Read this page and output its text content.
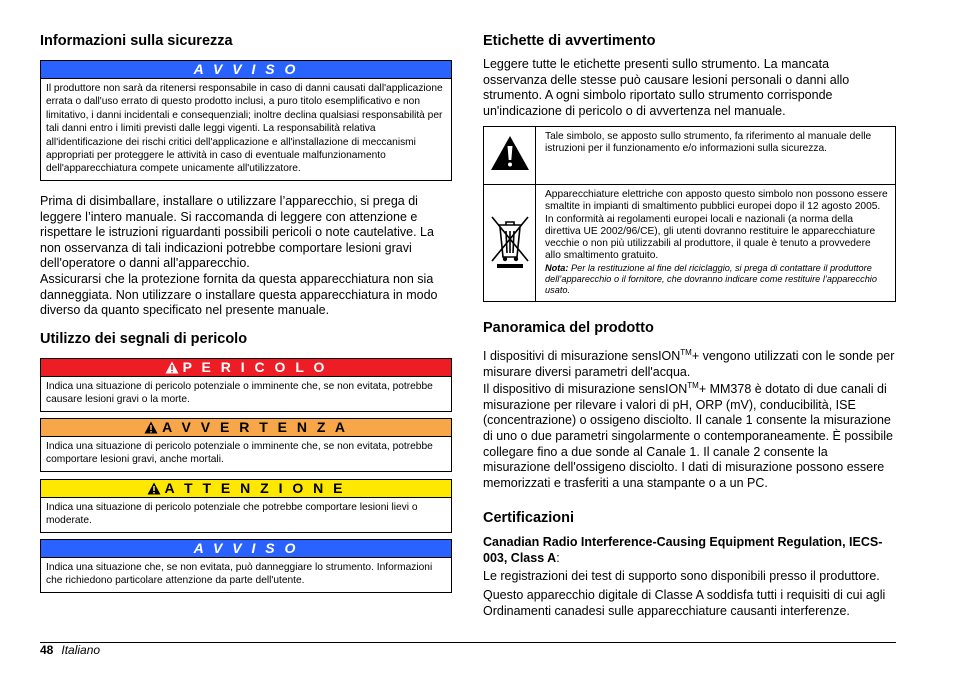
Informazioni sulla sicurezza
A V V I S O
Il produttore non sarà da ritenersi responsabile in caso di danni causati dall'applicazione errata o dall'uso errato di questo prodotto inclusi, a puro titolo esemplificativo e non limitativo, i danni incidentali e consequenziali; inoltre declina qualsiasi responsabilità per tali danni entro i limiti previsti dalle leggi vigenti. La responsabilità relativa all'identificazione dei rischi critici dell'applicazione e all'installazione di meccanismi appropriati per proteggere le attività in caso di eventuale malfunzionamento dell'apparecchiatura compete unicamente all'utilizzatore.

Prima di disimballare, installare o utilizzare l’apparecchio, si prega di leggere l’intero manuale. Si raccomanda di leggere con attenzione e rispettare le istruzioni riguardanti possibili pericoli o note cautelative. La non osservanza di tali indicazioni potrebbe comportare lesioni gravi dell'operatore o danni all'apparecchio.

Assicurarsi che la protezione fornita da questa apparecchiatura non sia danneggiata. Non utilizzare o installare questa apparecchiatura in modo diverso da quanto specificato nel presente manuale.

Utilizzo dei segnali di pericolo
P E R I C O L O
Indica una situazione di pericolo potenziale o imminente che, se non evitata, potrebbe causare lesioni gravi o la morte.
A V V E R T E N Z A
Indica una situazione di pericolo potenziale o imminente che, se non evitata, potrebbe comportare lesioni gravi, anche mortali.
A T T E N Z I O N E
Indica una situazione di pericolo potenziale che potrebbe comportare lesioni lievi o moderate.
A V V I S O
Indica una situazione che, se non evitata, può danneggiare lo strumento. Informazioni che richiedono particolare attenzione da parte dell'utente.
Etichette di avvertimento

Leggere tutte le etichette presenti sullo strumento. La mancata osservanza delle stesse può causare lesioni personali o danni allo strumento. A ogni simbolo riportato sullo strumento corrisponde un'indicazione di pericolo o di avvertenza nel manuale.

	Tale simbolo, se apposto sullo strumento, fa riferimento al manuale delle istruzioni per il funzionamento e/o informazioni sulla sicurezza.

Apparecchiature elettriche con apposto questo simbolo non possono essere smaltite in impianti di smaltimento pubblici europei dopo il 12 agosto 2005. In conformità ai regolamenti europei locali e nazionali (a norma della direttiva UE 2002/96/CE), gli utenti dovranno restituire le apparecchiature vecchie o non più utilizzabili al produttore, il quale è tenuto a provvedere allo smaltimento gratuito.
Nota: Per la restituzione al fine del riciclaggio, si prega di contattare il produttore dell’apparecchio o il fornitore, che dovranno indicare come restituire l’apparecchio usato.
Panoramica del prodotto

I dispositivi di misurazione sensION™+ vengono utilizzati con le sonde per misurare diversi parametri dell'acqua.

Il dispositivo di misurazione sensION™+ MM378 è dotato di due canali di misurazione per rilevare i valori di pH, ORP (mV), conducibilità, ISE (concentrazione) o ossigeno disciolto. Il canale 1 consente la misurazione di uno o due parametri singolarmente o contemporaneamente. È possibile collegare fino a due sonde al Canale 1. Il canale 2 consente la misurazione dell'ossigeno disciolto. I dati di misurazione possono essere memorizzati e trasferiti a una stampante o a un PC.

Certificazioni

Canadian Radio Interference-Causing Equipment Regulation, IECS-003, Class A:

Le registrazioni dei test di supporto sono disponibili presso il produttore.

Questo apparecchio digitale di Classe A soddisfa tutti i requisiti di cui agli Ordinamenti canadesi sulle apparecchiature causanti interferenze.

48 Italiano
